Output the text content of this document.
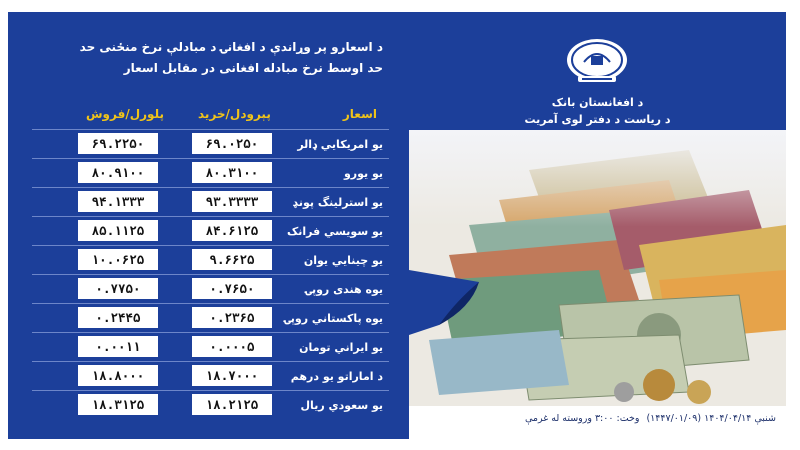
د اسعارو پر وړاندې د افغانۍ د مبادلې نرخ منځنی حد
حد اوسط نرخ مبادله افغانی در مقابل اسعار
اسعار
پېرودل/خرید
پلورل/فروش
یو امریکایي ډالر
۶۹.۰۲۵۰
۶۹.۲۲۵۰
یو یورو
۸۰.۳۱۰۰
۸۰.۹۱۰۰
یو استرلینگ پونډ
۹۳.۳۳۳۳
۹۴.۱۳۳۳
یو سویسي فرانک
۸۴.۶۱۲۵
۸۵.۱۱۲۵
یو چینایي یوان
۹.۶۶۲۵
۱۰.۰۶۲۵
یوه هندی روپۍ
۰.۷۶۵۰
۰.۷۷۵۰
یوه پاکستاني روپۍ
۰.۲۳۶۵
۰.۲۴۴۵
یو ایراني تومان
۰.۰۰۰۵
۰.۰۰۱۱
د اماراتو یو درهم
۱۸.۷۰۰۰
۱۸.۸۰۰۰
یو سعودي ریال
۱۸.۲۱۲۵
۱۸.۳۱۲۵
د افغانستان بانک
د ریاست د دفتر لوی آمریت
شنبې ۱۴۰۴/۰۴/۱۴ (۱۴۴۷/۰۱/۰۹)
وخت: ۳:۰۰ وروسته له غرمې
